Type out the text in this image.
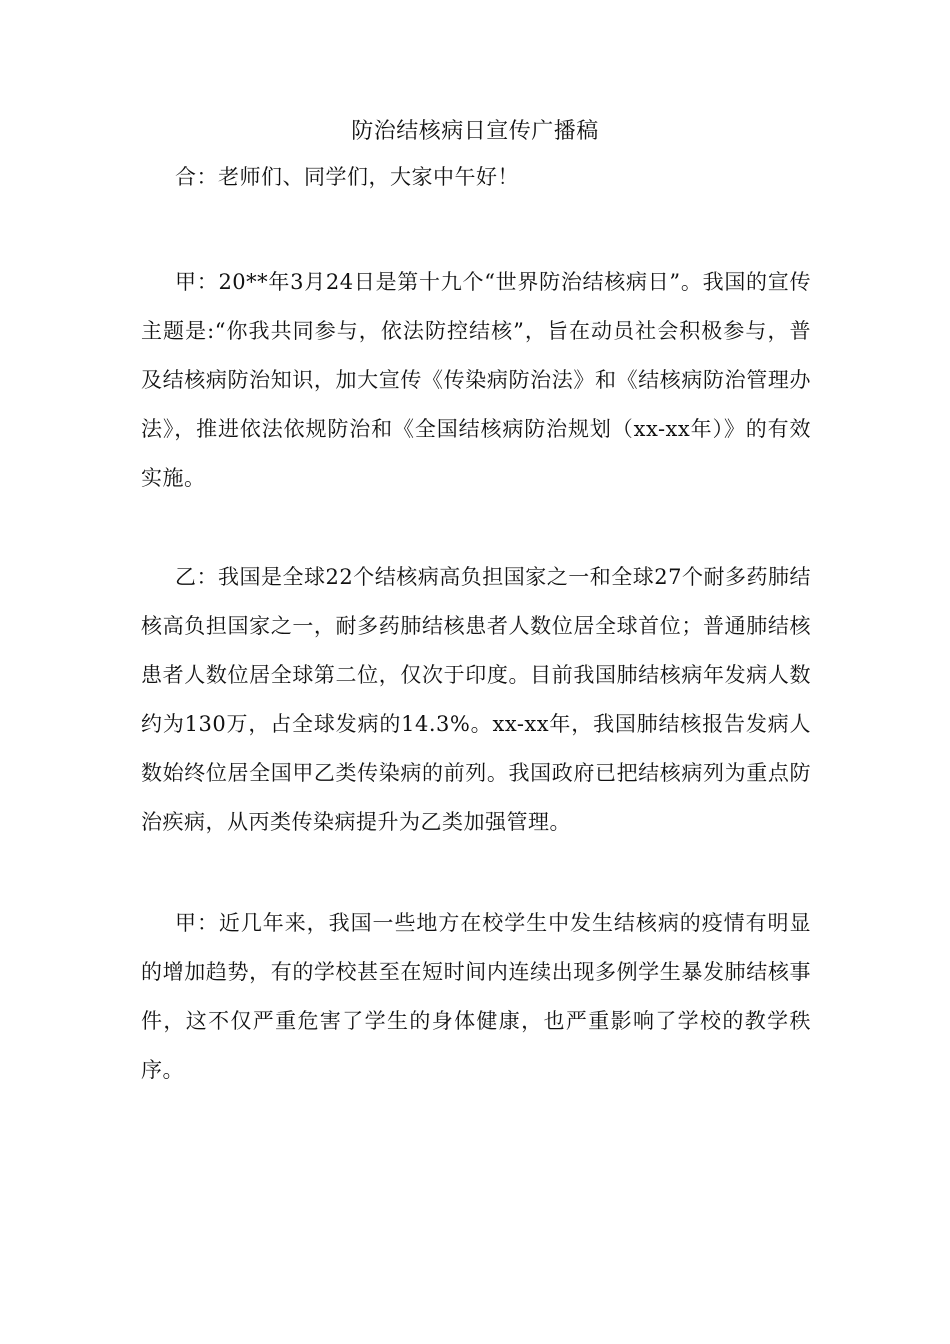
防治结核病日宣传广播稿

合：老师们、同学们，大家中午好！

甲：20**年3月24日是第十九个“世界防治结核病日”。我国的宣传主题是:“你我共同参与，依法防控结核”，旨在动员社会积极参与，普及结核病防治知识，加大宣传《传染病防治法》和《结核病防治管理办法》，推进依法依规防治和《全国结核病防治规划（xx-xx年）》的有效实施。

乙：我国是全球22个结核病高负担国家之一和全球27个耐多药肺结核高负担国家之一，耐多药肺结核患者人数位居全球首位；普通肺结核患者人数位居全球第二位，仅次于印度。目前我国肺结核病年发病人数约为130万，占全球发病的14.3%。xx-xx年，我国肺结核报告发病人数始终位居全国甲乙类传染病的前列。我国政府已把结核病列为重点防治疾病，从丙类传染病提升为乙类加强管理。

甲：近几年来，我国一些地方在校学生中发生结核病的疫情有明显的增加趋势，有的学校甚至在短时间内连续出现多例学生暴发肺结核事件，这不仅严重危害了学生的身体健康，也严重影响了学校的教学秩序。
